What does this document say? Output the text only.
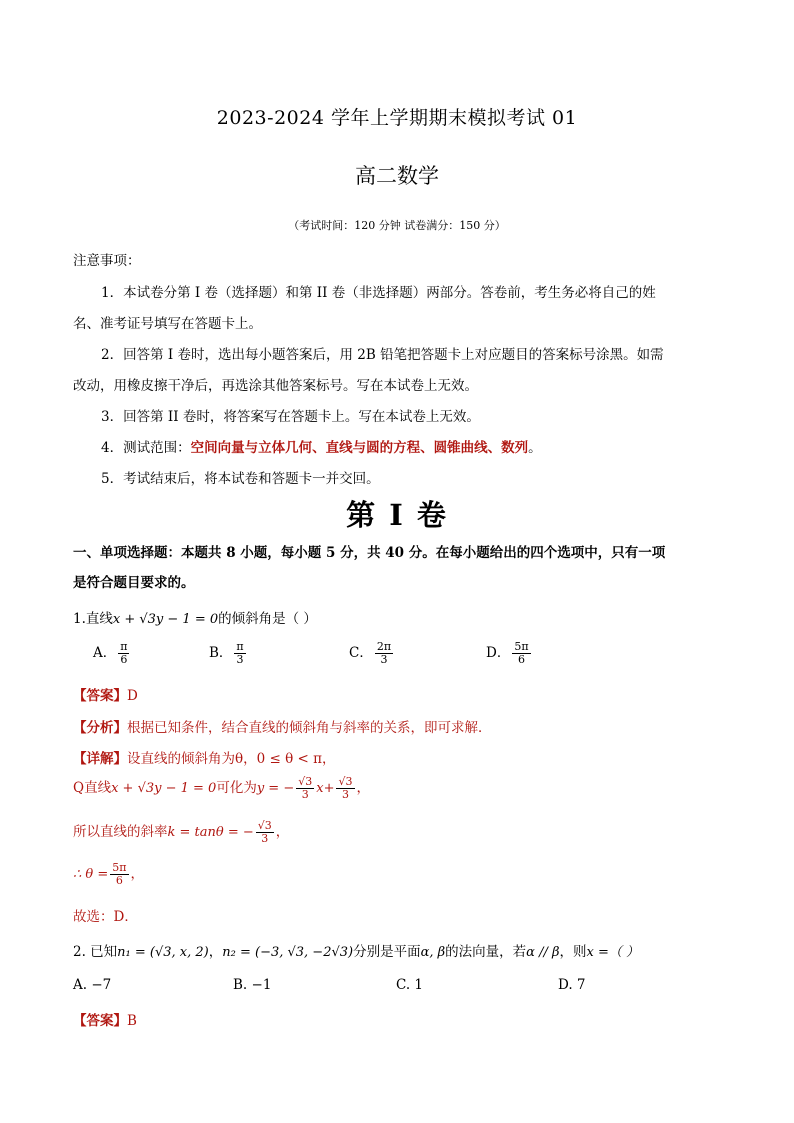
2023-2024 学年上学期期末模拟考试 01
高二数学
（考试时间：120 分钟 试卷满分：150 分）
注意事项：
1．本试卷分第 I 卷（选择题）和第 II 卷（非选择题）两部分。答卷前，考生务必将自己的姓
名、准考证号填写在答题卡上。
2．回答第 I 卷时，选出每小题答案后，用 2B 铅笔把答题卡上对应题目的答案标号涂黑。如需
改动，用橡皮擦干净后，再选涂其他答案标号。写在本试卷上无效。
3．回答第 II 卷时，将答案写在答题卡上。写在本试卷上无效。
4．测试范围：空间向量与立体几何、直线与圆的方程、圆锥曲线、数列。
5．考试结束后，将本试卷和答题卡一并交回。
第 I 卷
一、单项选择题：本题共 8 小题，每小题 5 分，共 40 分。在每小题给出的四个选项中，只有一项
是符合题目要求的。
1.直线x + √3y − 1 = 0的倾斜角是（ ）
A． $\frac{\pi}{6}$	B． $\frac{\pi}{3}$	C． $\frac{2\pi}{3}$	D． $\frac{5\pi}{6}$
【答案】D
【分析】根据已知条件，结合直线的倾斜角与斜率的关系，即可求解．
【详解】设直线的倾斜角为θ，0 ≤ θ < π，
Q直线x + √3y − 1 = 0可化为y = − $\frac{√3}{3} x+ \frac{√3}{3}$ ，
所以直线的斜率k = tanθ = − $\frac{√3}{3}$ ，
∴ $\theta = \frac{5\pi}{6}$ ，
故选：D．
2. 已知n₁ = (√3, x, 2)，n₂ = (−3, √3, −2√3)分别是平面α, β的法向量，若α // β，则x =（ ）
A. −7	B. −1	C. 1	D. 7
【答案】B
